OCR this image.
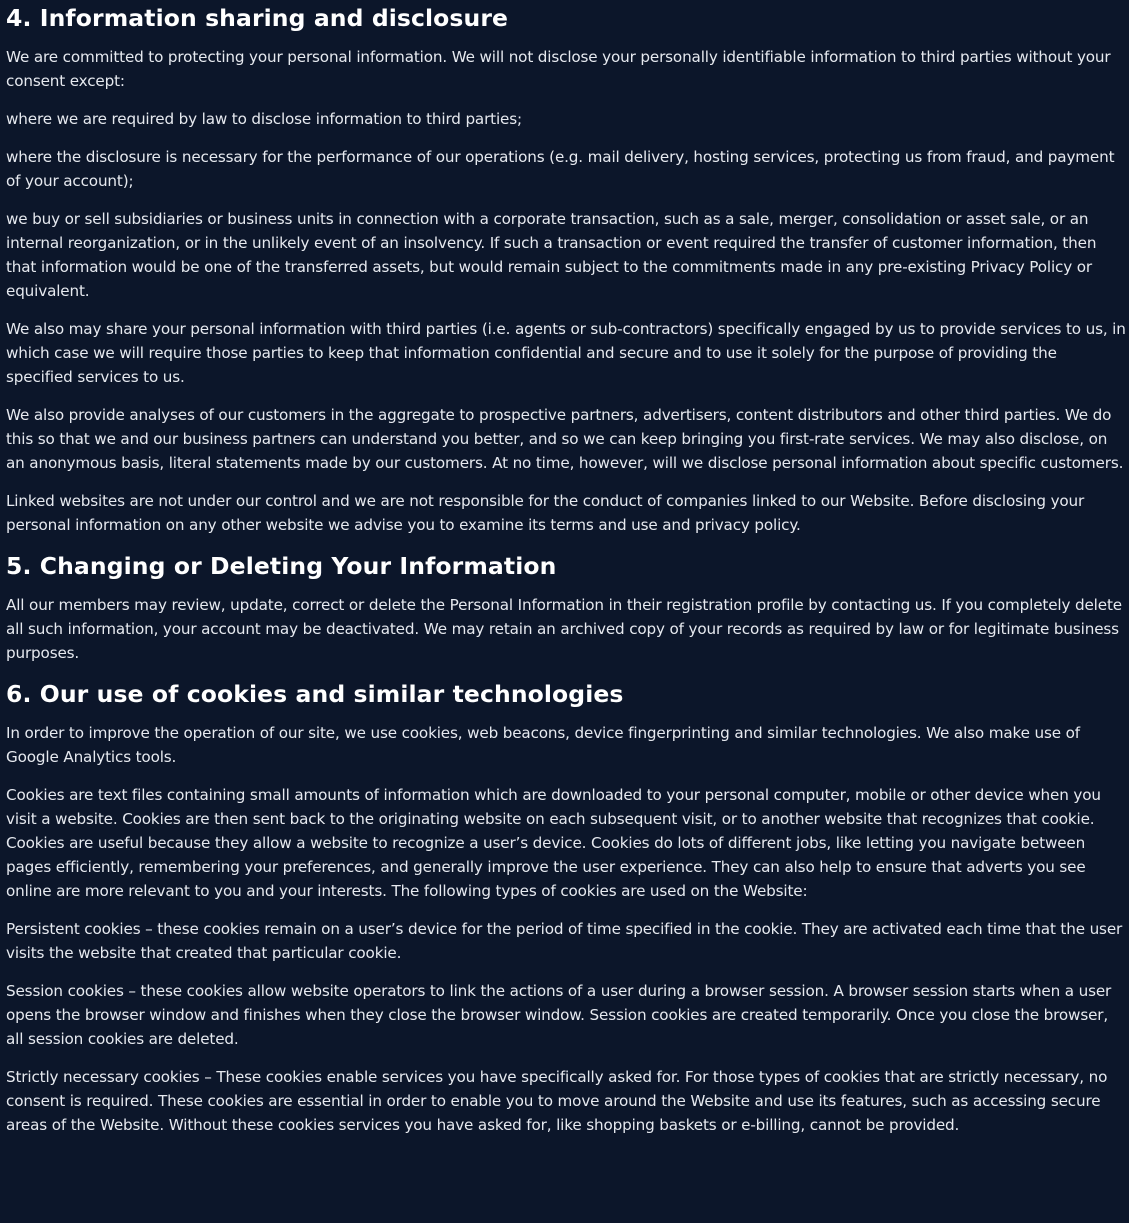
4. Information sharing and disclosure

We are committed to protecting your personal information. We will not disclose your personally identifiable information to third parties without your consent except:

where we are required by law to disclose information to third parties;

where the disclosure is necessary for the performance of our operations (e.g. mail delivery, hosting services, protecting us from fraud, and payment of your account);

we buy or sell subsidiaries or business units in connection with a corporate transaction, such as a sale, merger, consolidation or asset sale, or an internal reorganization, or in the unlikely event of an insolvency. If such a transaction or event required the transfer of customer information, then that information would be one of the transferred assets, but would remain subject to the commitments made in any pre-existing Privacy Policy or equivalent.

We also may share your personal information with third parties (i.e. agents or sub-contractors) specifically engaged by us to provide services to us, in which case we will require those parties to keep that information confidential and secure and to use it solely for the purpose of providing the specified services to us.

We also provide analyses of our customers in the aggregate to prospective partners, advertisers, content distributors and other third parties. We do this so that we and our business partners can understand you better, and so we can keep bringing you first-rate services. We may also disclose, on an anonymous basis, literal statements made by our customers. At no time, however, will we disclose personal information about specific customers.

Linked websites are not under our control and we are not responsible for the conduct of companies linked to our Website. Before disclosing your personal information on any other website we advise you to examine its terms and use and privacy policy.

5. Changing or Deleting Your Information

All our members may review, update, correct or delete the Personal Information in their registration profile by contacting us. If you completely delete all such information, your account may be deactivated. We may retain an archived copy of your records as required by law or for legitimate business purposes.

6. Our use of cookies and similar technologies

In order to improve the operation of our site, we use cookies, web beacons, device fingerprinting and similar technologies. We also make use of Google Analytics tools.

Cookies are text files containing small amounts of information which are downloaded to your personal computer, mobile or other device when you visit a website. Cookies are then sent back to the originating website on each subsequent visit, or to another website that recognizes that cookie. Cookies are useful because they allow a website to recognize a user’s device. Cookies do lots of different jobs, like letting you navigate between pages efficiently, remembering your preferences, and generally improve the user experience. They can also help to ensure that adverts you see online are more relevant to you and your interests. The following types of cookies are used on the Website:

Persistent cookies – these cookies remain on a user’s device for the period of time specified in the cookie. They are activated each time that the user visits the website that created that particular cookie.

Session cookies – these cookies allow website operators to link the actions of a user during a browser session. A browser session starts when a user opens the browser window and finishes when they close the browser window. Session cookies are created temporarily. Once you close the browser, all session cookies are deleted.

Strictly necessary cookies – These cookies enable services you have specifically asked for. For those types of cookies that are strictly necessary, no consent is required. These cookies are essential in order to enable you to move around the Website and use its features, such as accessing secure areas of the Website. Without these cookies services you have asked for, like shopping baskets or e-billing, cannot be provided.
